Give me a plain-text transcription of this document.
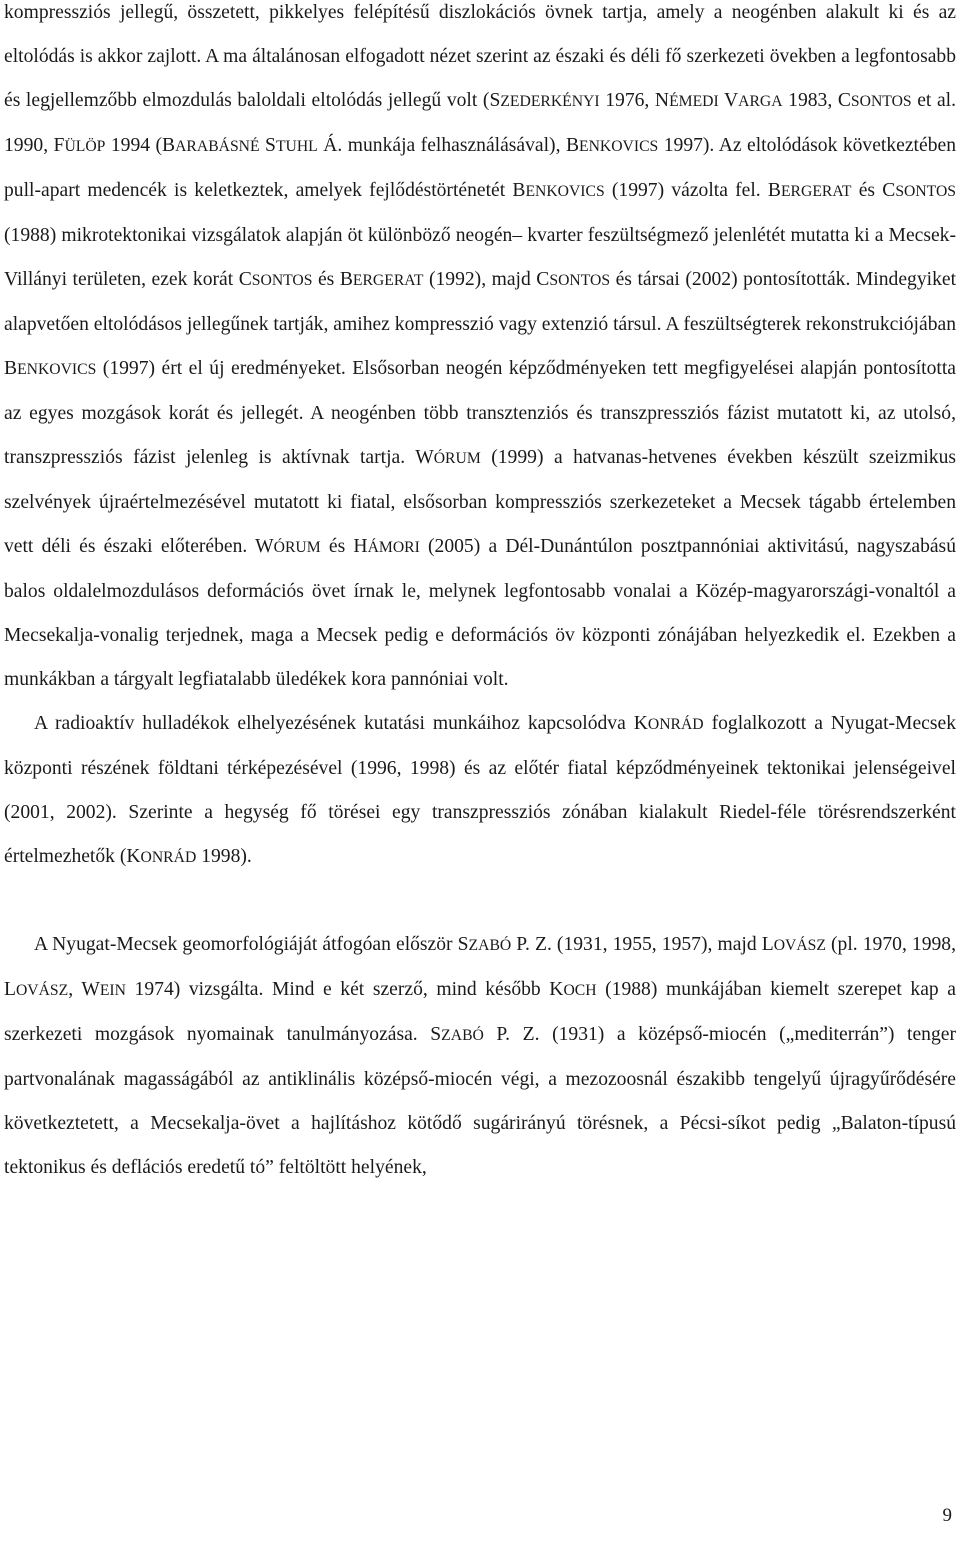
kompressziós jellegű, összetett, pikkelyes felépítésű diszlokációs övnek tartja, amely a neogénben alakult ki és az eltolódás is akkor zajlott. A ma általánosan elfogadott nézet szerint az északi és déli fő szerkezeti övekben a legfontosabb és legjellemzőbb elmozdulás baloldali eltolódás jellegű volt (SZEDERKÉNYI 1976, NÉMEDI VARGA 1983, CSONTOS et al. 1990, FÜLÖP 1994 (BARABÁSNÉ STUHL Á. munkája felhasználásával), BENKOVICS 1997). Az eltolódások következtében pull-apart medencék is keletkeztek, amelyek fejlődéstörténetét BENKOVICS (1997) vázolta fel. BERGERAT és CSONTOS (1988) mikrotektonikai vizsgálatok alapján öt különböző neogén– kvarter feszültségmező jelenlétét mutatta ki a Mecsek-Villányi területen, ezek korát CSONTOS és BERGERAT (1992), majd CSONTOS és társai (2002) pontosították. Mindegyiket alapvetően eltolódásos jellegűnek tartják, amihez kompresszió vagy extenzió társul. A feszültségterek rekonstrukciójában BENKOVICS (1997) ért el új eredményeket. Elsősorban neogén képződményeken tett megfigyelései alapján pontosította az egyes mozgások korát és jellegét. A neogénben több transztenziós és transzpressziós fázist mutatott ki, az utolsó, transzpressziós fázist jelenleg is aktívnak tartja. WÓRUM (1999) a hatvanas-hetvenes években készült szeizmikus szelvények újraértelmezésével mutatott ki fiatal, elsősorban kompressziós szerkezeteket a Mecsek tágabb értelemben vett déli és északi előterében. WÓRUM és HÁMORI (2005) a Dél-Dunántúlon posztpannóniai aktivitású, nagyszabású balos oldalelmozdulásos deformációs övet írnak le, melynek legfontosabb vonalai a Közép-magyarországi-vonaltól a Mecsekalja-vonalig terjednek, maga a Mecsek pedig e deformációs öv központi zónájában helyezkedik el. Ezekben a munkákban a tárgyalt legfiatalabb üledékek kora pannóniai volt.

A radioaktív hulladékok elhelyezésének kutatási munkáihoz kapcsolódva KONRÁD foglalkozott a Nyugat-Mecsek központi részének földtani térképezésével (1996, 1998) és az előtér fiatal képződményeinek tektonikai jelenségeivel (2001, 2002). Szerinte a hegység fő törései egy transzpressziós zónában kialakult Riedel-féle törésrendszerként értelmezhetők (KONRÁD 1998).

A Nyugat-Mecsek geomorfológiáját átfogóan először SZABÓ P. Z. (1931, 1955, 1957), majd LOVÁSZ (pl. 1970, 1998, LOVÁSZ, WEIN 1974) vizsgálta. Mind e két szerző, mind később KOCH (1988) munkájában kiemelt szerepet kap a szerkezeti mozgások nyomainak tanulmányozása. SZABÓ P. Z. (1931) a középső-miocén („mediterrán”) tenger partvonalának magasságából az antiklinális középső-miocén végi, a mezozoosnál északibb tengelyű újragyűrődésére következtetett, a Mecsekalja-övet a hajlításhoz kötődő sugárirányú törésnek, a Pécsi-síkot pedig „Balaton-típusú tektonikus és deflációs eredetű tó” feltöltött helyének,

9
